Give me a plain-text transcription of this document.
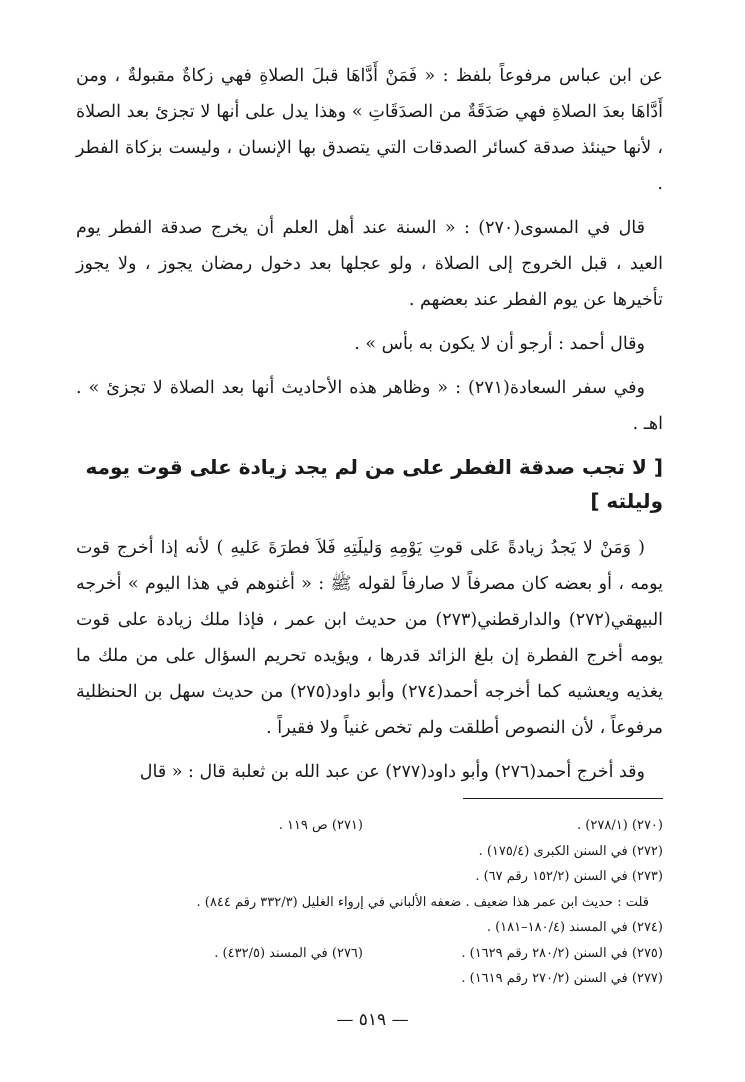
عن ابن عباس مرفوعاً بلفظ : « فَمَنْ أَدَّاهَا قبلَ الصلاةِ فهي زكاةٌ مقبولةٌ ، ومن أَدَّاهَا بعدَ الصلاةِ فهي صَدَقَةٌ من الصدَقَاتِ » وهذا يدل على أنها لا تجزئ بعد الصلاة ، لأنها حينئذ صدقة كسائر الصدقات التي يتصدق بها الإنسان ، وليست بزكاة الفطر .

قال في المسوى(٢٧٠) : « السنة عند أهل العلم أن يخرج صدقة الفطر يوم العيد ، قبل الخروج إلى الصلاة ، ولو عجلها بعد دخول رمضان يجوز ، ولا يجوز تأخيرها عن يوم الفطر عند بعضهم .

وقال أحمد : أرجو أن لا يكون به بأس » .

وفي سفر السعادة(٢٧١) : « وظاهر هذه الأحاديث أنها بعد الصلاة لا تجزئ » . اهـ .

[ لا تجب صدقة الفطر على من لم يجد زيادة على قوت يومه وليلته ]

( وَمَنْ لا يَجدُ زيادةً عَلى قوتِ يَوْمِهِ وَليلَتِهِ فَلاَ فطرَةَ عَليهِ ) لأنه إذا أخرج قوت يومه ، أو بعضه كان مصرفاً لا صارفاً لقوله ﷺ : « أغنوهم في هذا اليوم » أخرجه البيهقي(٢٧٢) والدارقطني(٢٧٣) من حديث ابن عمر ، فإذا ملك زيادة على قوت يومه أخرج الفطرة إن بلغ الزائد قدرها ، ويؤيده تحريم السؤال على من ملك ما يغذيه ويعشيه كما أخرجه أحمد(٢٧٤) وأبو داود(٢٧٥) من حديث سهل بن الحنظلية مرفوعاً ، لأن النصوص أطلقت ولم تخص غنياً ولا فقيراً .

وقد أخرج أحمد(٢٧٦) وأبو داود(٢٧٧) عن عبد الله بن ثعلبة قال : « قال

(٢٧٠) (٢٧٨/١) .
(٢٧١) ص ١١٩ .
(٢٧٢) في السنن الكبرى (١٧٥/٤) .
(٢٧٣) في السنن (١٥٢/٢ رقم ٦٧) .
قلت : حديث ابن عمر هذا ضعيف . ضعفه الألباني في إرواء الغليل (٣٣٢/٣ رقم ٨٤٤) .
(٢٧٤) في المسند (١٨٠/٤–١٨١) .
(٢٧٥) في السنن (٢٨٠/٢ رقم ١٦٢٩) .
(٢٧٦) في المسند (٤٣٢/٥) .
(٢٧٧) في السنن (٢٧٠/٢ رقم ١٦١٩) .
— ٥١٩ —
